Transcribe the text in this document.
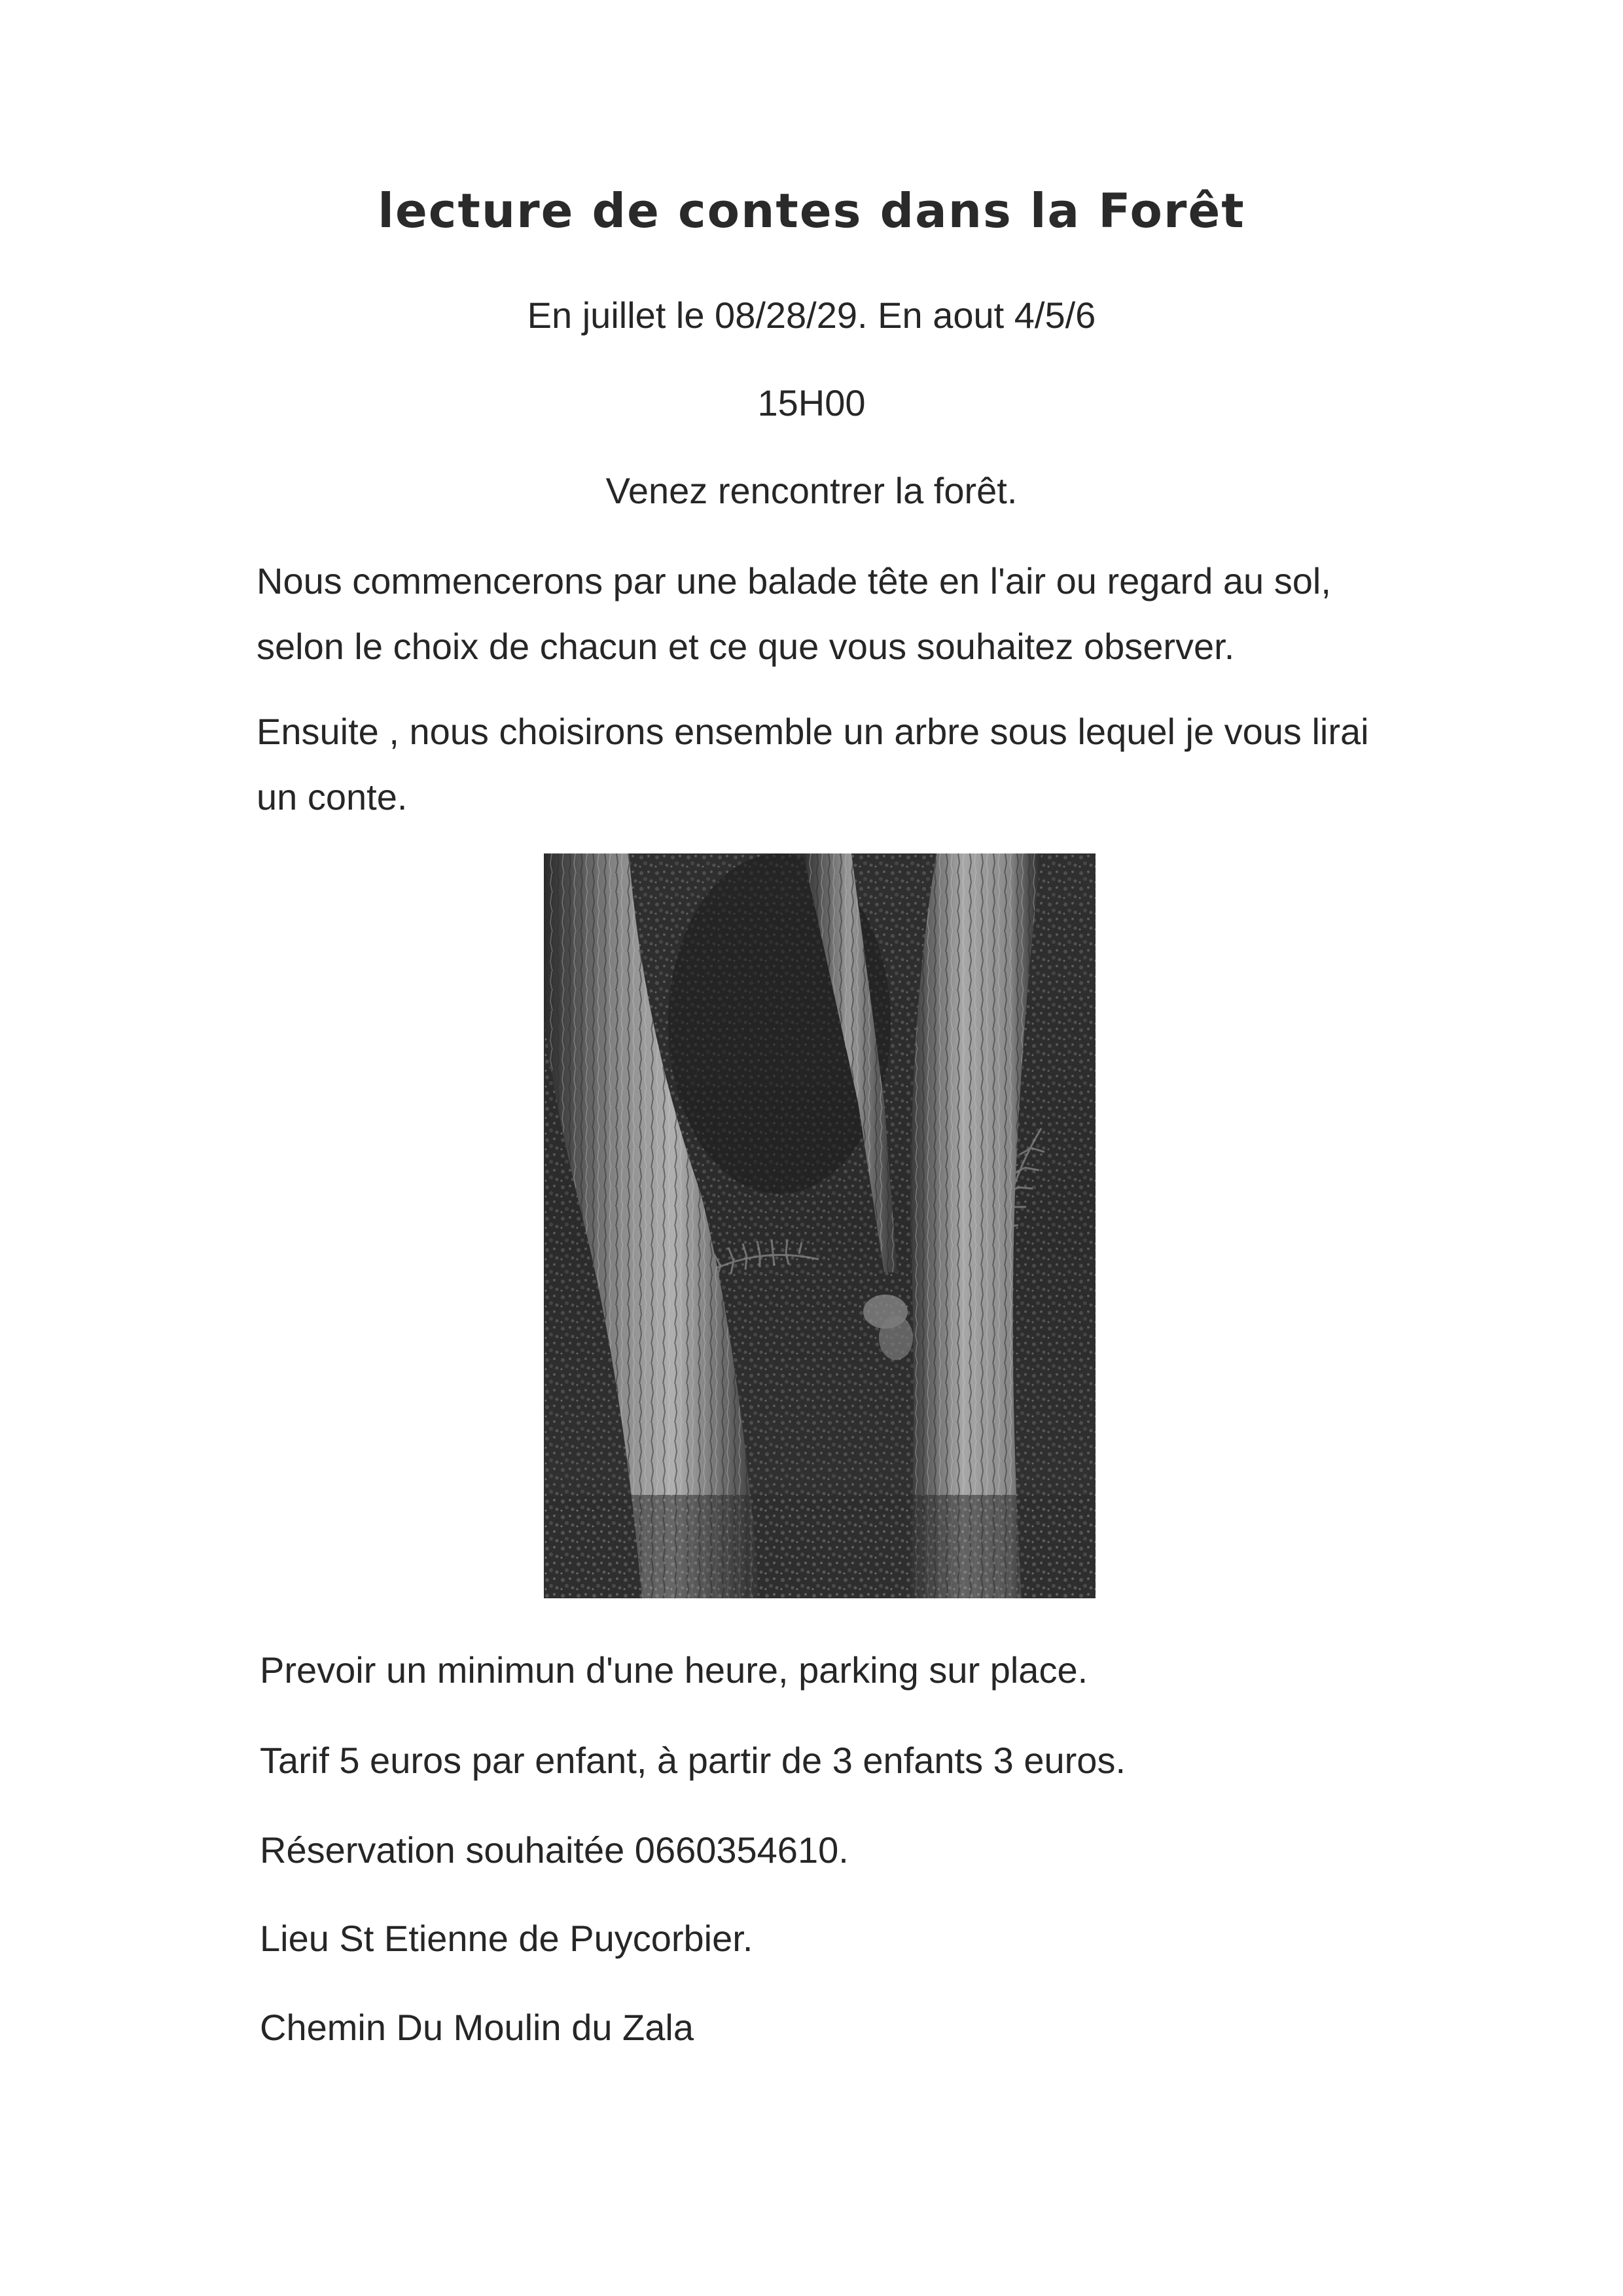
lecture de contes dans la Forêt

En juillet le 08/28/29. En aout 4/5/6

15H00

Venez rencontrer la forêt.

Nous commencerons par une balade tête en l'air ou regard au sol, selon le choix de chacun et ce que vous souhaitez observer.

Ensuite , nous choisirons ensemble un arbre sous lequel je vous lirai un conte.

Prevoir un minimun d'une heure, parking sur place.

Tarif 5 euros par enfant, à partir de 3 enfants 3 euros.

Réservation souhaitée 0660354610.

Lieu St Etienne de Puycorbier.

Chemin Du Moulin du Zala
